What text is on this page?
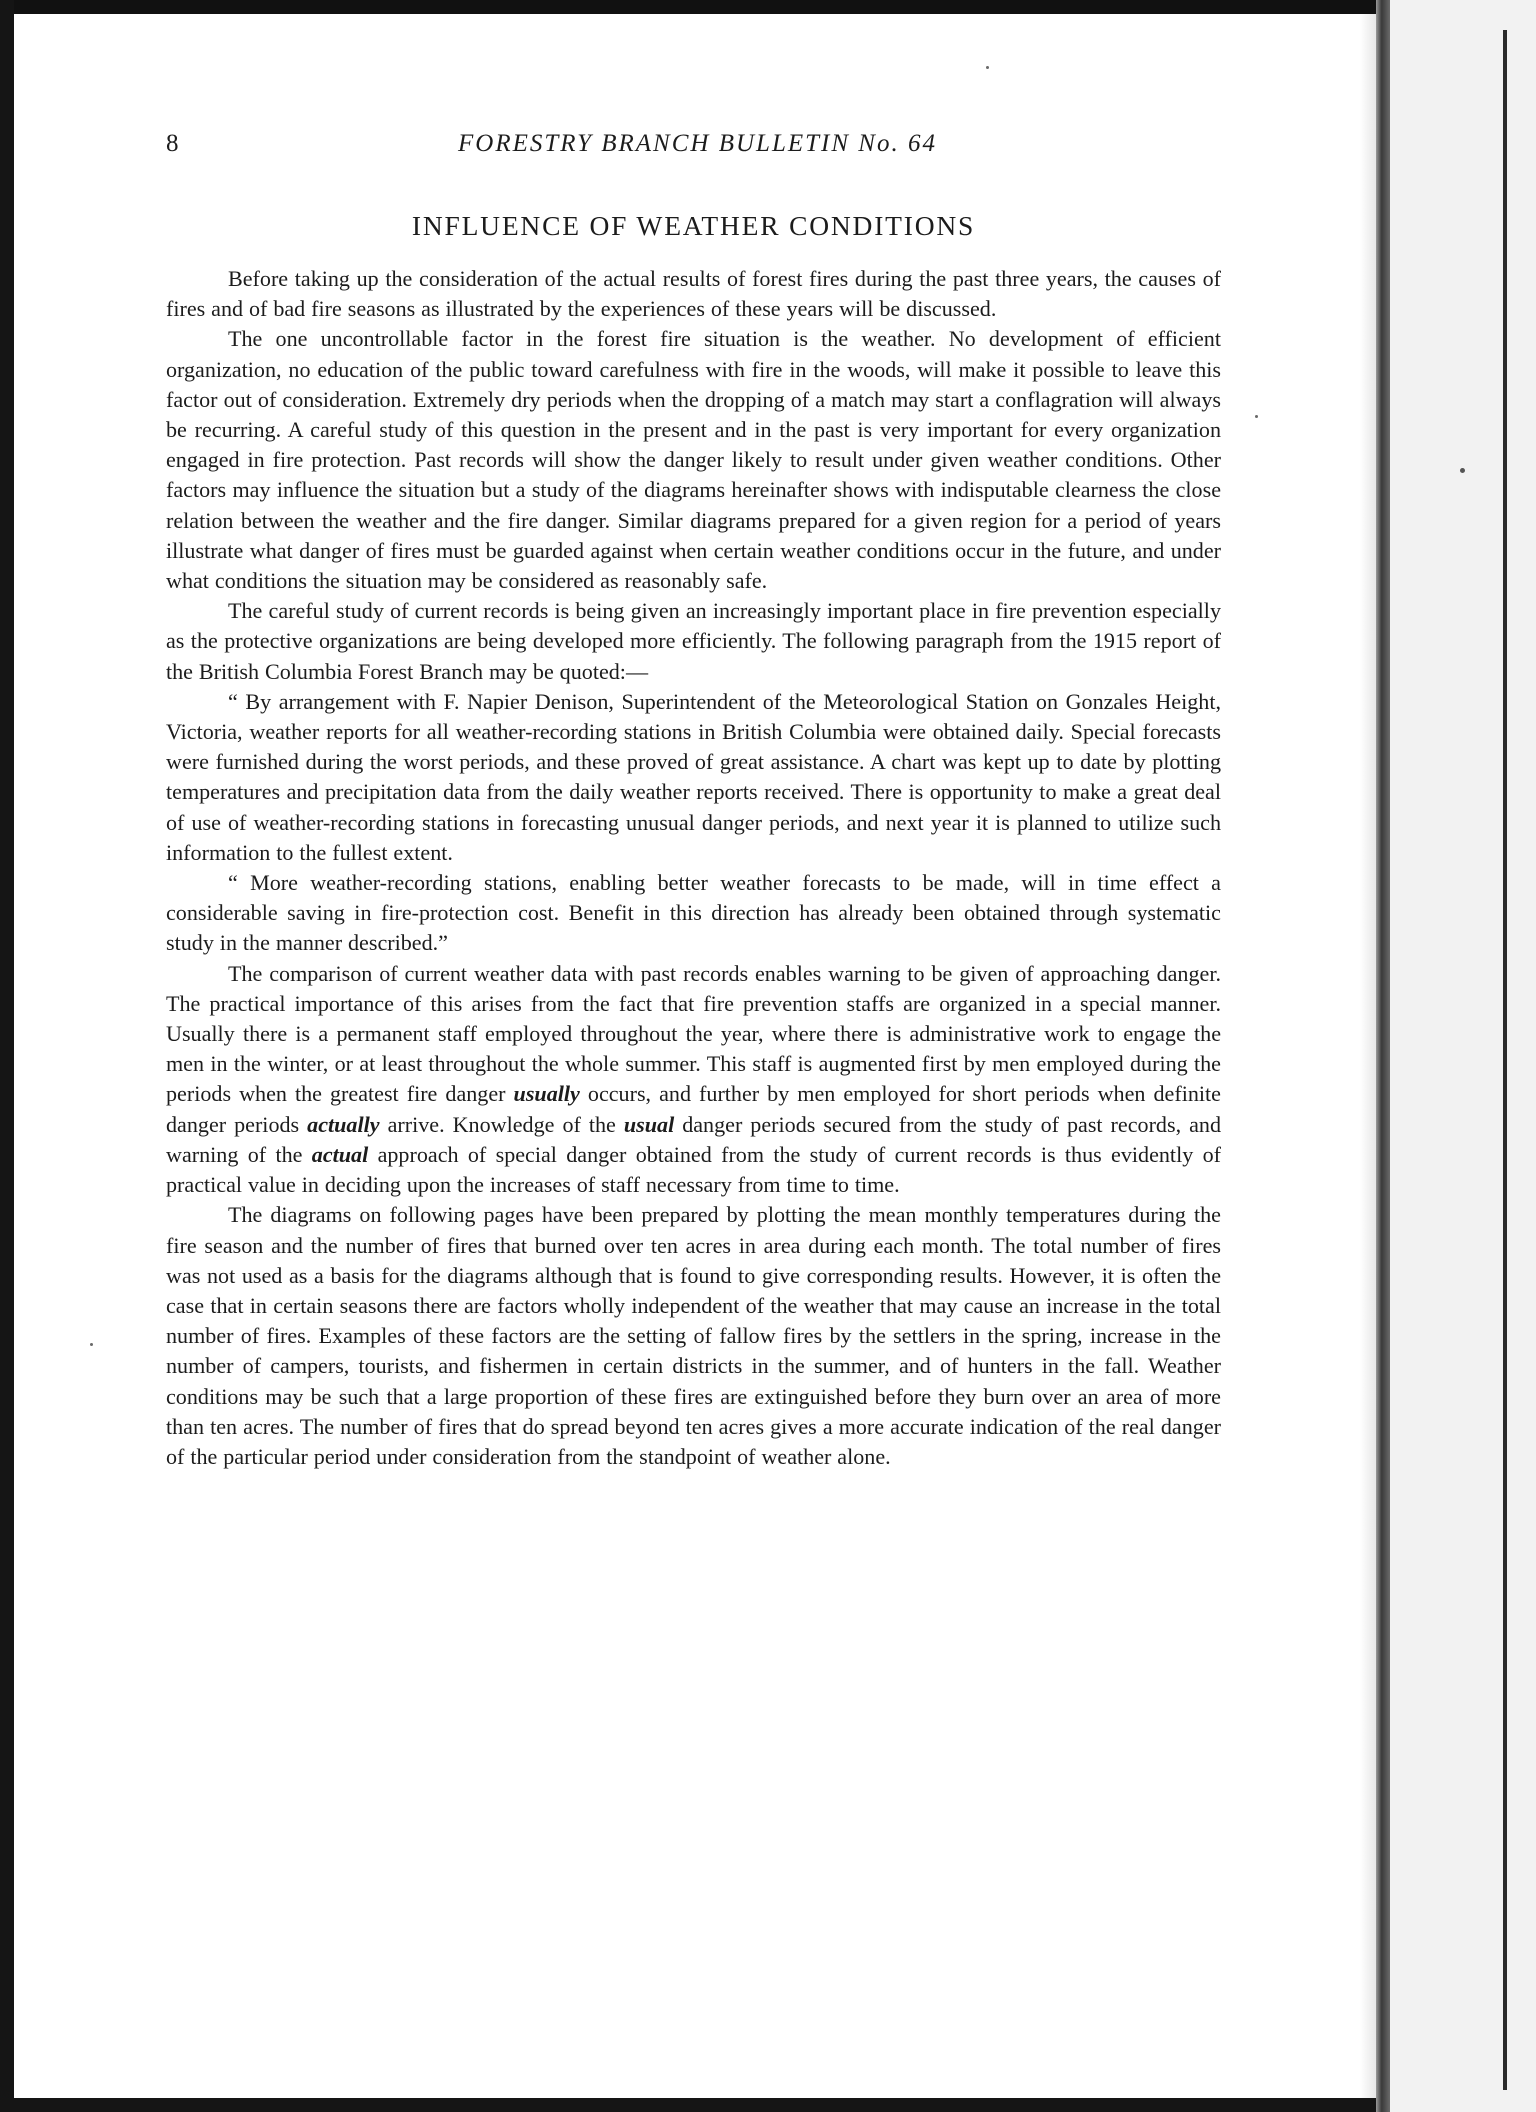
8	FORESTRY BRANCH BULLETIN No. 64
INFLUENCE OF WEATHER CONDITIONS

Before taking up the consideration of the actual results of forest fires during the past three years, the causes of fires and of bad fire seasons as illustrated by the experiences of these years will be discussed.

The one uncontrollable factor in the forest fire situation is the weather. No development of efficient organization, no education of the public toward carefulness with fire in the woods, will make it possible to leave this factor out of consideration. Extremely dry periods when the dropping of a match may start a conflagration will always be recurring. A careful study of this question in the present and in the past is very important for every organization engaged in fire protection. Past records will show the danger likely to result under given weather conditions. Other factors may influence the situation but a study of the diagrams hereinafter shows with indisputable clearness the close relation between the weather and the fire danger. Similar diagrams prepared for a given region for a period of years illustrate what danger of fires must be guarded against when certain weather conditions occur in the future, and under what conditions the situation may be considered as reasonably safe.

The careful study of current records is being given an increasingly important place in fire prevention especially as the protective organizations are being developed more efficiently. The following paragraph from the 1915 report of the British Columbia Forest Branch may be quoted:—

“ By arrangement with F. Napier Denison, Superintendent of the Meteorological Station on Gonzales Height, Victoria, weather reports for all weather-recording stations in British Columbia were obtained daily. Special forecasts were furnished during the worst periods, and these proved of great assistance. A chart was kept up to date by plotting temperatures and precipitation data from the daily weather reports received. There is opportunity to make a great deal of use of weather-recording stations in forecasting unusual danger periods, and next year it is planned to utilize such information to the fullest extent.

“ More weather-recording stations, enabling better weather forecasts to be made, will in time effect a considerable saving in fire-protection cost. Benefit in this direction has already been obtained through systematic study in the manner described.”

The comparison of current weather data with past records enables warning to be given of approaching danger. The practical importance of this arises from the fact that fire prevention staffs are organized in a special manner. Usually there is a permanent staff employed throughout the year, where there is administrative work to engage the men in the winter, or at least throughout the whole summer. This staff is augmented first by men employed during the periods when the greatest fire danger usually occurs, and further by men employed for short periods when definite danger periods actually arrive. Knowledge of the usual danger periods secured from the study of past records, and warning of the actual approach of special danger obtained from the study of current records is thus evidently of practical value in deciding upon the increases of staff necessary from time to time.

The diagrams on following pages have been prepared by plotting the mean monthly temperatures during the fire season and the number of fires that burned over ten acres in area during each month. The total number of fires was not used as a basis for the diagrams although that is found to give corresponding results. However, it is often the case that in certain seasons there are factors wholly independent of the weather that may cause an increase in the total number of fires. Examples of these factors are the setting of fallow fires by the settlers in the spring, increase in the number of campers, tourists, and fishermen in certain districts in the summer, and of hunters in the fall. Weather conditions may be such that a large proportion of these fires are extinguished before they burn over an area of more than ten acres. The number of fires that do spread beyond ten acres gives a more accurate indication of the real danger of the particular period under consideration from the standpoint of weather alone.
